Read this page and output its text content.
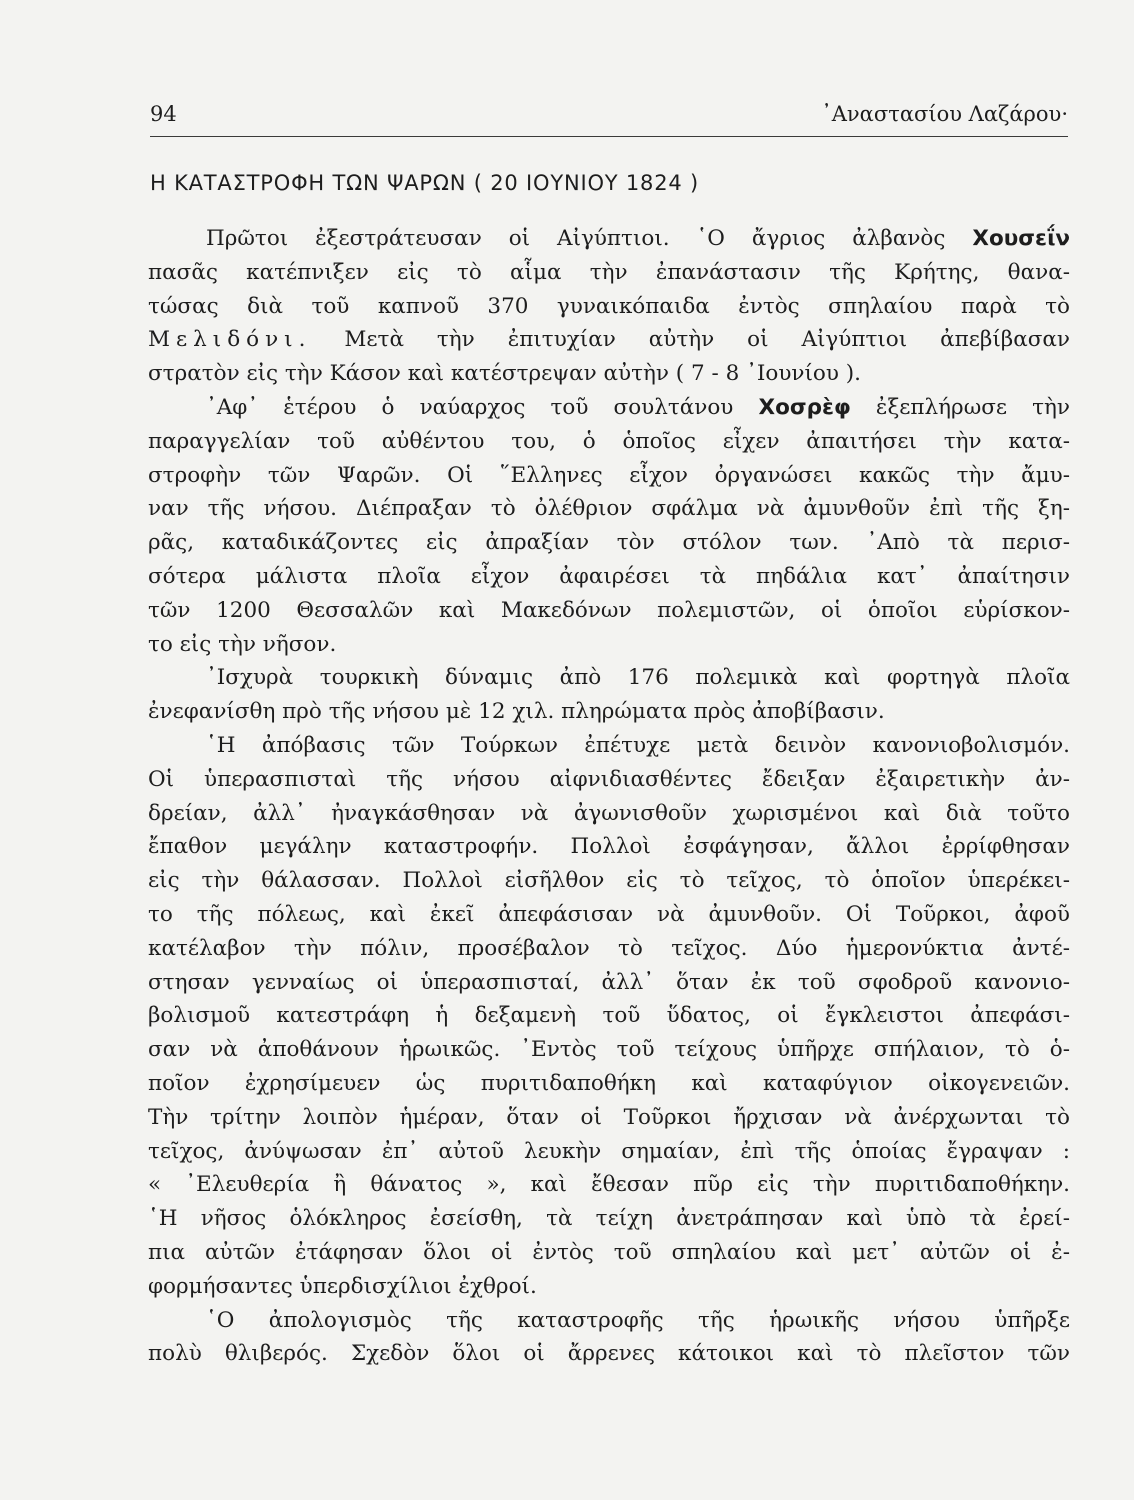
94	᾿Αναστασίου Λαζάρου·
Η ΚΑΤΑΣΤΡΟΦΗ ΤΩΝ ΨΑΡΩΝ ( 20 ΙΟΥΝΙΟΥ 1824 )
Πρῶτοι ἐξεστράτευσαν οἱ Αἰγύπτιοι. ῾Ο ἄγριος ἀλβανὸς Χουσεΐν
πασᾶς κατέπνιξεν εἰς τὸ αἷμα τὴν ἐπανάστασιν τῆς Κρήτης, θανα-
τώσας διὰ τοῦ καπνοῦ 370 γυναικόπαιδα ἐντὸς σπηλαίου παρὰ τὸ
Μελιδόνι. Μετὰ τὴν ἐπιτυχίαν αὐτὴν οἱ Αἰγύπτιοι ἀπεβίβασαν
στρατὸν εἰς τὴν Κάσον καὶ κατέστρεψαν αὐτὴν ( 7 - 8 ᾿Ιουνίου ).
᾿Αφ᾿ ἑτέρου ὁ ναύαρχος τοῦ σουλτάνου Χοσρὲφ ἐξεπλήρωσε τὴν
παραγγελίαν τοῦ αὐθέντου του, ὁ ὁποῖος εἶχεν ἀπαιτήσει τὴν κατα-
στροφὴν τῶν Ψαρῶν. Οἱ ῞Ελληνες εἶχον ὀργανώσει κακῶς τὴν ἄμυ-
ναν τῆς νήσου. Διέπραξαν τὸ ὀλέθριον σφάλμα νὰ ἀμυνθοῦν ἐπὶ τῆς ξη-
ρᾶς, καταδικάζοντες εἰς ἀπραξίαν τὸν στόλον των. ᾿Απὸ τὰ περισ-
σότερα μάλιστα πλοῖα εἶχον ἀφαιρέσει τὰ πηδάλια κατ᾿ ἀπαίτησιν
τῶν 1200 Θεσσαλῶν καὶ Μακεδόνων πολεμιστῶν, οἱ ὁποῖοι εὑρίσκον-
το εἰς τὴν νῆσον.
᾿Ισχυρὰ τουρκικὴ δύναμις ἀπὸ 176 πολεμικὰ καὶ φορτηγὰ πλοῖα
ἐνεφανίσθη πρὸ τῆς νήσου μὲ 12 χιλ. πληρώματα πρὸς ἀποβίβασιν.
῾Η ἀπόβασις τῶν Τούρκων ἐπέτυχε μετὰ δεινὸν κανονιοβολισμόν.
Οἱ ὑπερασπισταὶ τῆς νήσου αἰφνιδιασθέντες ἔδειξαν ἐξαιρετικὴν ἀν-
δρείαν, ἀλλ᾿ ἠναγκάσθησαν νὰ ἀγωνισθοῦν χωρισμένοι καὶ διὰ τοῦτο
ἔπαθον μεγάλην καταστροφήν. Πολλοὶ ἐσφάγησαν, ἄλλοι ἐρρίφθησαν
εἰς τὴν θάλασσαν. Πολλοὶ εἰσῆλθον εἰς τὸ τεῖχος, τὸ ὁποῖον ὑπερέκει-
το τῆς πόλεως, καὶ ἐκεῖ ἀπεφάσισαν νὰ ἀμυνθοῦν. Οἱ Τοῦρκοι, ἀφοῦ
κατέλαβον τὴν πόλιν, προσέβαλον τὸ τεῖχος. Δύο ἡμερονύκτια ἀντέ-
στησαν γενναίως οἱ ὑπερασπισταί, ἀλλ᾿ ὅταν ἐκ τοῦ σφοδροῦ κανονιο-
βολισμοῦ κατεστράφη ἡ δεξαμενὴ τοῦ ὕδατος, οἱ ἔγκλειστοι ἀπεφάσι-
σαν νὰ ἀποθάνουν ἡρωικῶς. ᾿Εντὸς τοῦ τείχους ὑπῆρχε σπήλαιον, τὸ ὁ-
ποῖον ἐχρησίμευεν ὡς πυριτιδαποθήκη καὶ καταφύγιον οἰκογενειῶν.
Τὴν τρίτην λοιπὸν ἡμέραν, ὅταν οἱ Τοῦρκοι ἤρχισαν νὰ ἀνέρχωνται τὸ
τεῖχος, ἀνύψωσαν ἐπ᾿ αὐτοῦ λευκὴν σημαίαν, ἐπὶ τῆς ὁποίας ἔγραψαν :
« ᾿Ελευθερία ἢ θάνατος », καὶ ἔθεσαν πῦρ εἰς τὴν πυριτιδαποθήκην.
῾Η νῆσος ὁλόκληρος ἐσείσθη, τὰ τείχη ἀνετράπησαν καὶ ὑπὸ τὰ ἐρεί-
πια αὐτῶν ἐτάφησαν ὅλοι οἱ ἐντὸς τοῦ σπηλαίου καὶ μετ᾿ αὐτῶν οἱ ἐ-
φορμήσαντες ὑπερδισχίλιοι ἐχθροί.
῾Ο ἀπολογισμὸς τῆς καταστροφῆς τῆς ἡρωικῆς νήσου ὑπῆρξε
πολὺ θλιβερός. Σχεδὸν ὅλοι οἱ ἄρρενες κάτοικοι καὶ τὸ πλεῖστον τῶν
